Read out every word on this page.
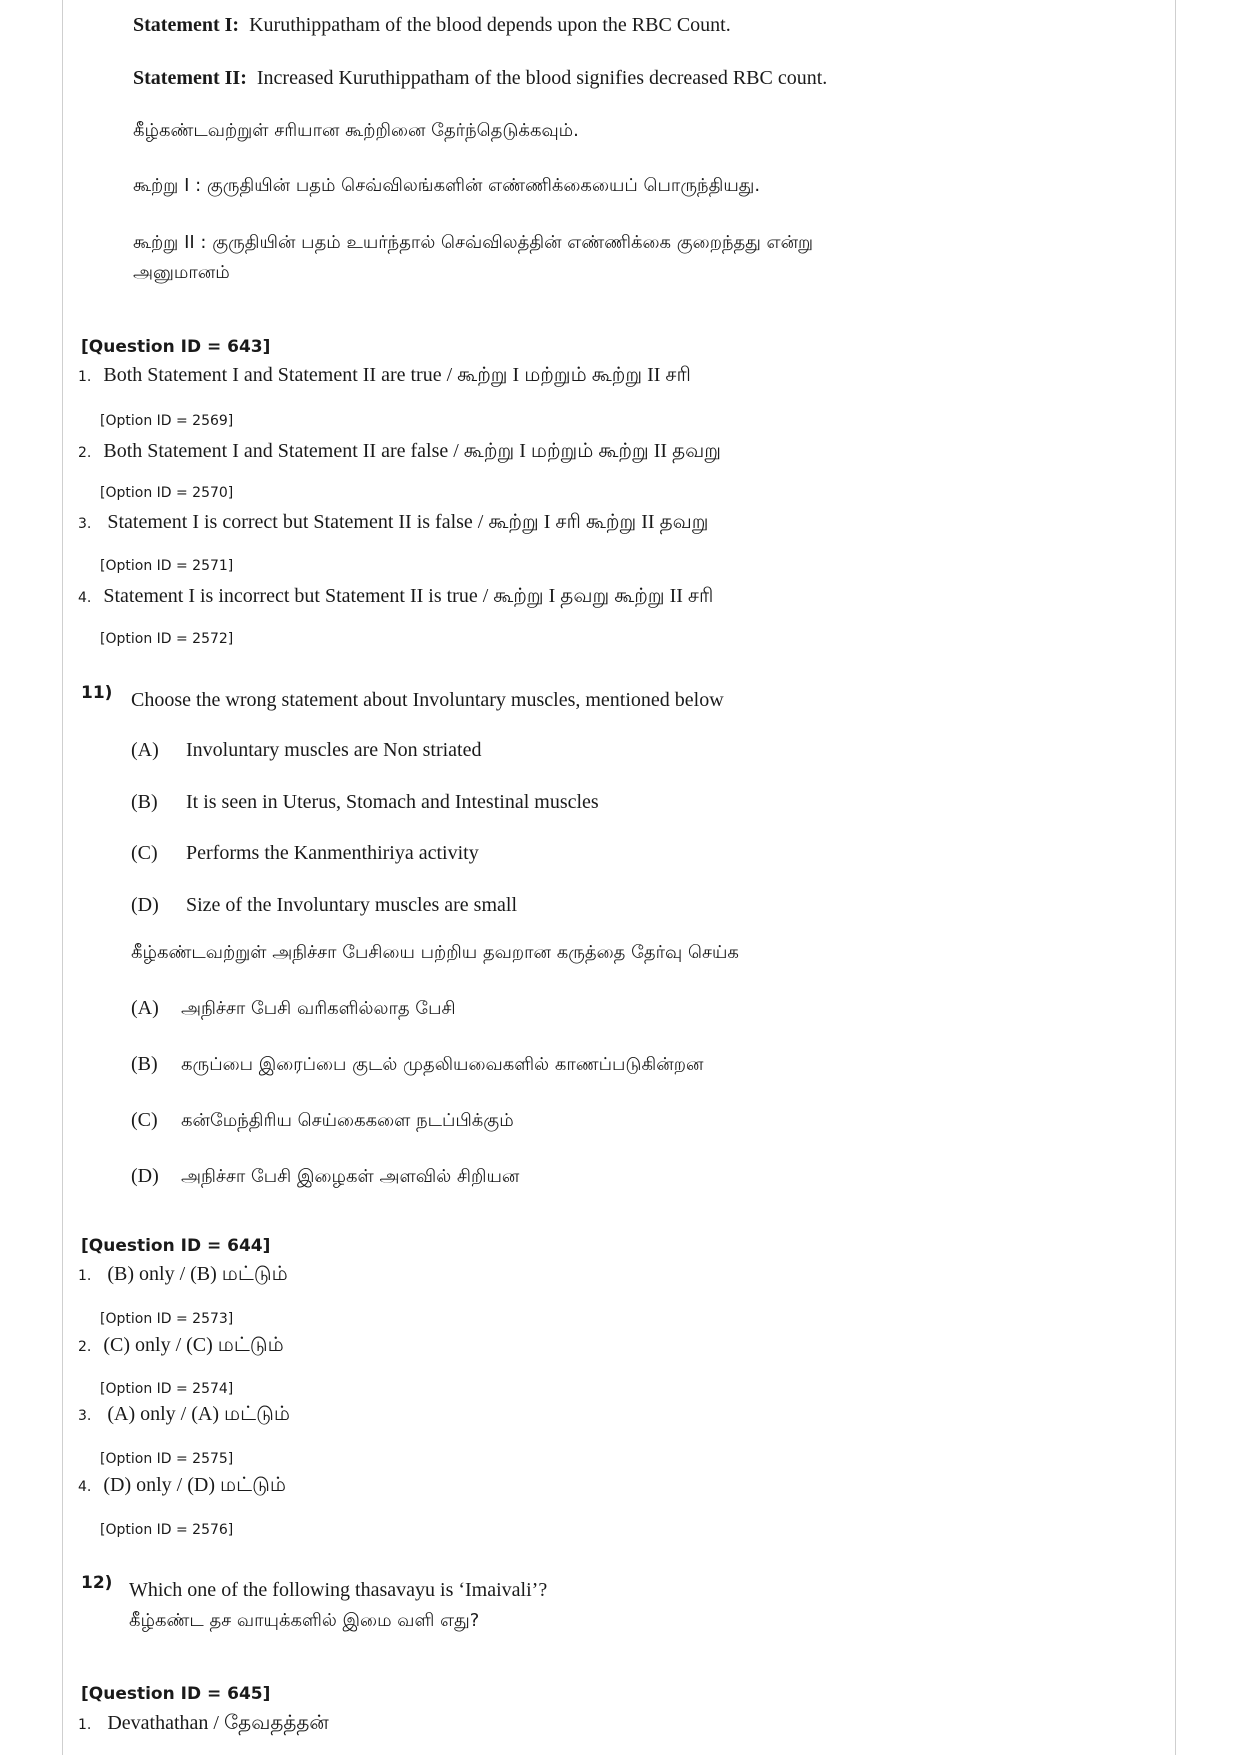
Statement I: Kuruthippatham of the blood depends upon the RBC Count.
Statement II: Increased Kuruthippatham of the blood signifies decreased RBC count.
கீழ்கண்டவற்றுள் சரியான கூற்றினை தேர்ந்தெடுக்கவும்.
கூற்று I : குருதியின் பதம் செவ்விலங்களின் எண்ணிக்கையைப் பொருந்தியது.
கூற்று II : குருதியின் பதம் உயர்ந்தால் செவ்விலத்தின் எண்ணிக்கை குறைந்தது என்று
அனுமானம்
[Question ID = 643]
1. Both Statement I and Statement II are true / கூற்று I மற்றும் கூற்று II சரி
[Option ID = 2569]
2. Both Statement I and Statement II are false / கூற்று I மற்றும் கூற்று II தவறு
[Option ID = 2570]
3. Statement I is correct but Statement II is false / கூற்று I சரி கூற்று II தவறு
[Option ID = 2571]
4. Statement I is incorrect but Statement II is true / கூற்று I தவறு கூற்று II சரி
[Option ID = 2572]
11) Choose the wrong statement about Involuntary muscles, mentioned below
(A) Involuntary muscles are Non striated
(B) It is seen in Uterus, Stomach and Intestinal muscles
(C) Performs the Kanmenthiriya activity
(D) Size of the Involuntary muscles are small
கீழ்கண்டவற்றுள் அநிச்சா பேசியை பற்றிய தவறான கருத்தை தேர்வு செய்க
(A) அநிச்சா பேசி வரிகளில்லாத பேசி
(B) கருப்பை இரைப்பை குடல் முதலியவைகளில் காணப்படுகின்றன
(C) கன்மேந்திரிய செய்கைகளை நடப்பிக்கும்
(D) அநிச்சா பேசி இழைகள் அளவில் சிறியன
[Question ID = 644]
1. (B) only / (B) மட்டும்
[Option ID = 2573]
2. (C) only / (C) மட்டும்
[Option ID = 2574]
3. (A) only / (A) மட்டும்
[Option ID = 2575]
4. (D) only / (D) மட்டும்
[Option ID = 2576]
12) Which one of the following thasavayu is ‘Imaivali’?
கீழ்கண்ட தச வாயுக்களில் இமை வளி எது?
[Question ID = 645]
1. Devathathan / தேவதத்தன்
